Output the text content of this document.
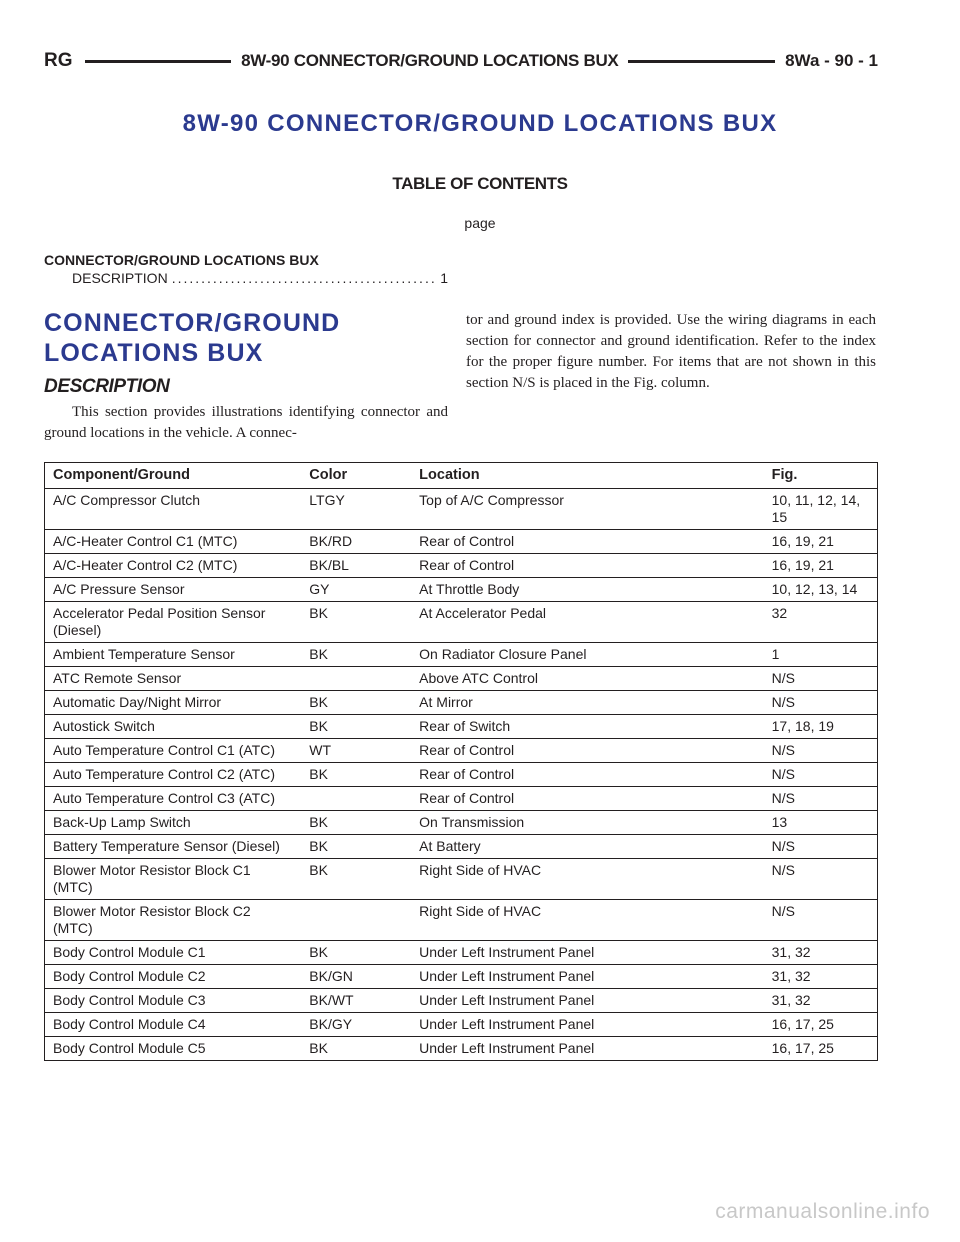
RG	8W-90 CONNECTOR/GROUND LOCATIONS BUX	8Wa - 90 - 1
8W-90 CONNECTOR/GROUND LOCATIONS BUX
TABLE OF CONTENTS
page
CONNECTOR/GROUND LOCATIONS BUX
DESCRIPTION .....	1
CONNECTOR/GROUND LOCATIONS BUX
DESCRIPTION
This section provides illustrations identifying connector and ground locations in the vehicle. A connec-
tor and ground index is provided. Use the wiring diagrams in each section for connector and ground identification. Refer to the index for the proper figure number. For items that are not shown in this section N/S is placed in the Fig. column.
Component/Ground	Color	Location	Fig.
A/C Compressor Clutch	LTGY	Top of A/C Compressor	10, 11, 12, 14, 15
A/C-Heater Control C1 (MTC)	BK/RD	Rear of Control	16, 19, 21
A/C-Heater Control C2 (MTC)	BK/BL	Rear of Control	16, 19, 21
A/C Pressure Sensor	GY	At Throttle Body	10, 12, 13, 14
Accelerator Pedal Position Sensor (Diesel)	BK	At Accelerator Pedal	32
Ambient Temperature Sensor	BK	On Radiator Closure Panel	1
ATC Remote Sensor		Above ATC Control	N/S
Automatic Day/Night Mirror	BK	At Mirror	N/S
Autostick Switch	BK	Rear of Switch	17, 18, 19
Auto Temperature Control C1 (ATC)	WT	Rear of Control	N/S
Auto Temperature Control C2 (ATC)	BK	Rear of Control	N/S
Auto Temperature Control C3 (ATC)		Rear of Control	N/S
Back-Up Lamp Switch	BK	On Transmission	13
Battery Temperature Sensor (Diesel)	BK	At Battery	N/S
Blower Motor Resistor Block C1 (MTC)	BK	Right Side of HVAC	N/S
Blower Motor Resistor Block C2 (MTC)		Right Side of HVAC	N/S
Body Control Module C1	BK	Under Left Instrument Panel	31, 32
Body Control Module C2	BK/GN	Under Left Instrument Panel	31, 32
Body Control Module C3	BK/WT	Under Left Instrument Panel	31, 32
Body Control Module C4	BK/GY	Under Left Instrument Panel	16, 17, 25
Body Control Module C5	BK	Under Left Instrument Panel	16, 17, 25
carmanualsonline.info
